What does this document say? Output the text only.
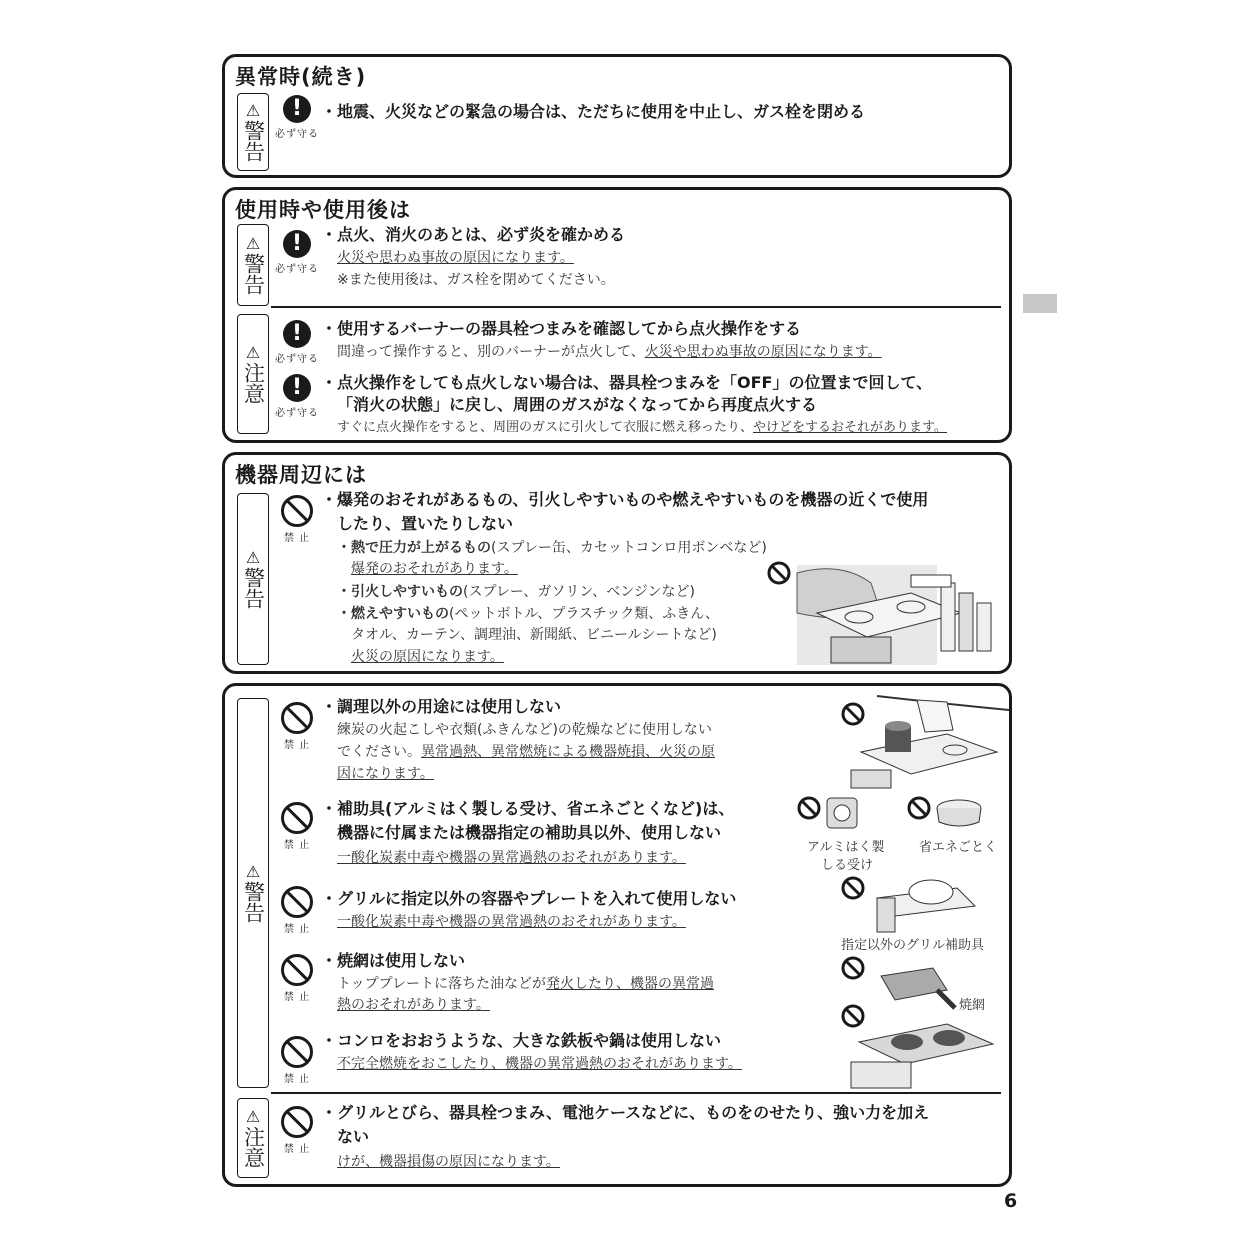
異常時(続き)
⚠
警告
!
必ず守る
・地震、火災などの緊急の場合は、ただちに使用を中止し、ガス栓を閉める
使用時や使用後は
⚠
警告
!
必ず守る
・点火、消火のあとは、必ず炎を確かめる
火災や思わぬ事故の原因になります。
※また使用後は、ガス栓を閉めてください。
⚠
注意
!
必ず守る
・使用するバーナーの器具栓つまみを確認してから点火操作をする
間違って操作すると、別のバーナーが点火して、火災や思わぬ事故の原因になります。
!
必ず守る
・点火操作をしても点火しない場合は、器具栓つまみを「OFF」の位置まで回して、
「消火の状態」に戻し、周囲のガスがなくなってから再度点火する
すぐに点火操作をすると、周囲のガスに引火して衣服に燃え移ったり、やけどをするおそれがあります。
機器周辺には
⚠
警告
禁 止
・爆発のおそれがあるもの、引火しやすいものや燃えやすいものを機器の近くで使用
したり、置いたりしない
・熱で圧力が上がるもの(スプレー缶、カセットコンロ用ボンベなど)
爆発のおそれがあります。
・引火しやすいもの(スプレー、ガソリン、ベンジンなど)
・燃えやすいもの(ペットボトル、プラスチック類、ふきん、
タオル、カーテン、調理油、新聞紙、ビニールシートなど)
火災の原因になります。
⚠
警告
禁 止
・調理以外の用途には使用しない
練炭の火起こしや衣類(ふきんなど)の乾燥などに使用しない
でください。異常過熱、異常燃焼による機器焼損、火災の原
因になります。
禁 止
・補助具(アルミはく製しる受け、省エネごとくなど)は、
機器に付属または機器指定の補助具以外、使用しない
一酸化炭素中毒や機器の異常過熱のおそれがあります。
禁 止
・グリルに指定以外の容器やプレートを入れて使用しない
一酸化炭素中毒や機器の異常過熱のおそれがあります。
禁 止
・焼網は使用しない
トッププレートに落ちた油などが発火したり、機器の異常過
熱のおそれがあります。
禁 止
・コンロをおおうような、大きな鉄板や鍋は使用しない
不完全燃焼をおこしたり、機器の異常過熱のおそれがあります。
⚠
注意	禁 止
・グリルとびら、器具栓つまみ、電池ケースなどに、ものをのせたり、強い力を加え
ない
けが、機器損傷の原因になります。
アルミはく製
しる受け
省エネごとく
指定以外のグリル補助具
焼網
6
